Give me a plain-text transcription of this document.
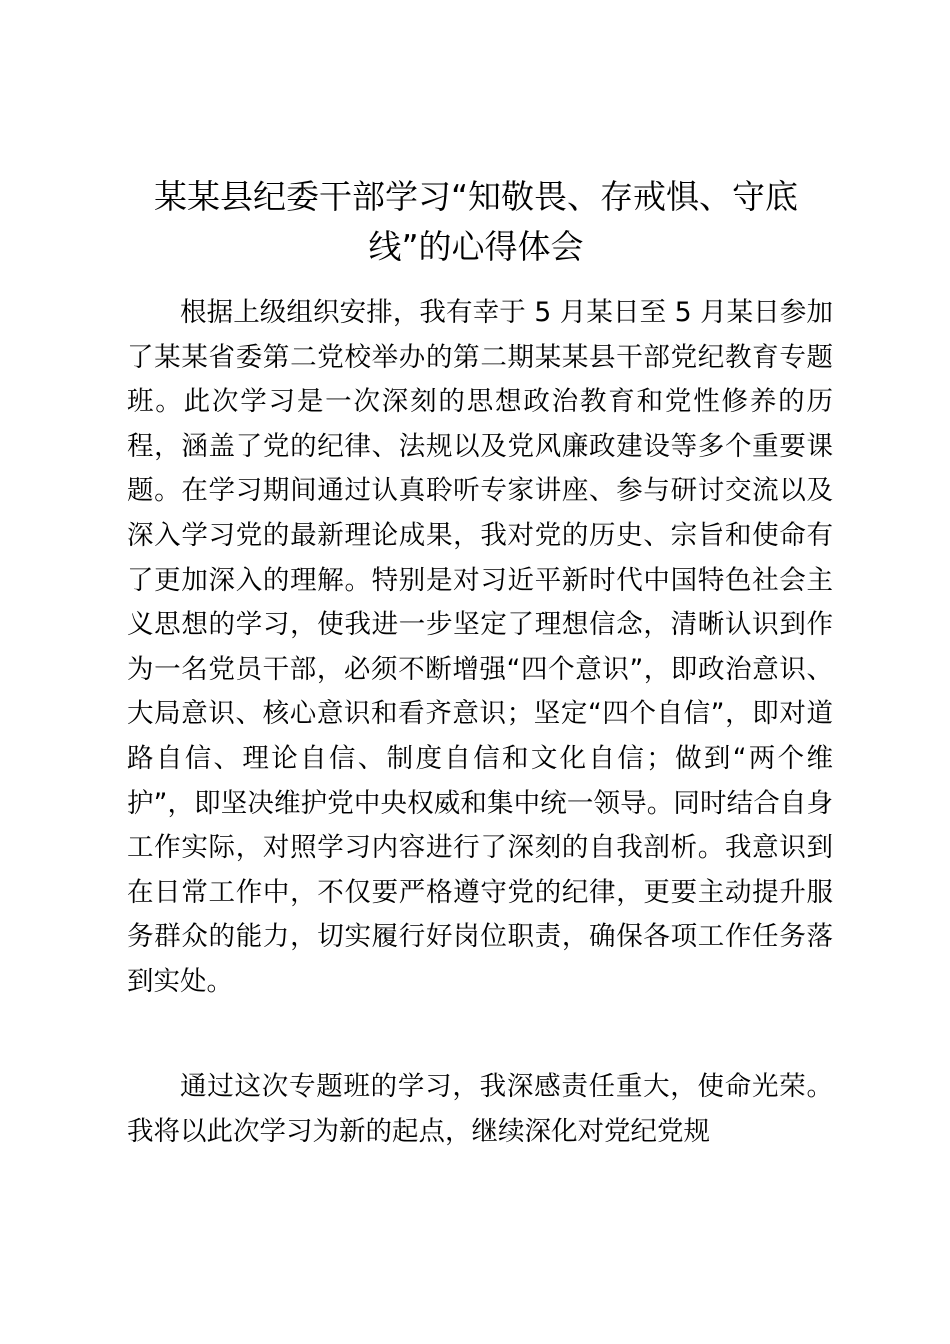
某某县纪委干部学习“知敬畏、存戒惧、守底线”的心得体会

根据上级组织安排，我有幸于 5 月某日至 5 月某日参加了某某省委第二党校举办的第二期某某县干部党纪教育专题班。此次学习是一次深刻的思想政治教育和党性修养的历程，涵盖了党的纪律、法规以及党风廉政建设等多个重要课题。在学习期间通过认真聆听专家讲座、参与研讨交流以及深入学习党的最新理论成果，我对党的历史、宗旨和使命有了更加深入的理解。特别是对习近平新时代中国特色社会主义思想的学习，使我进一步坚定了理想信念，清晰认识到作为一名党员干部，必须不断增强“四个意识”，即政治意识、大局意识、核心意识和看齐意识；坚定“四个自信”，即对道路自信、理论自信、制度自信和文化自信；做到“两个维护”，即坚决维护党中央权威和集中统一领导。同时结合自身工作实际，对照学习内容进行了深刻的自我剖析。我意识到在日常工作中，不仅要严格遵守党的纪律，更要主动提升服务群众的能力，切实履行好岗位职责，确保各项工作任务落到实处。

通过这次专题班的学习，我深感责任重大，使命光荣。我将以此次学习为新的起点，继续深化对党纪党规
